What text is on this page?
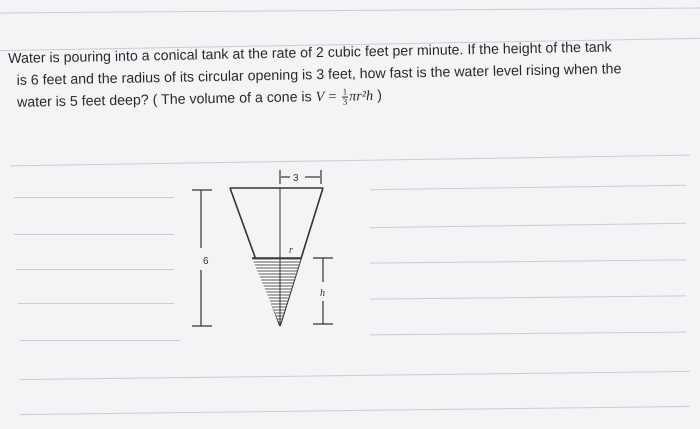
Water is pouring into a conical tank at the rate of 2 cubic feet per minute. If the height of the tank
is 6 feet and the radius of its circular opening is 3 feet, how fast is the water level rising when the
water is 5 feet deep? ( The volume of a cone is $V = \frac{1}{3} \pi r^2h$ )
6
3
r
h
